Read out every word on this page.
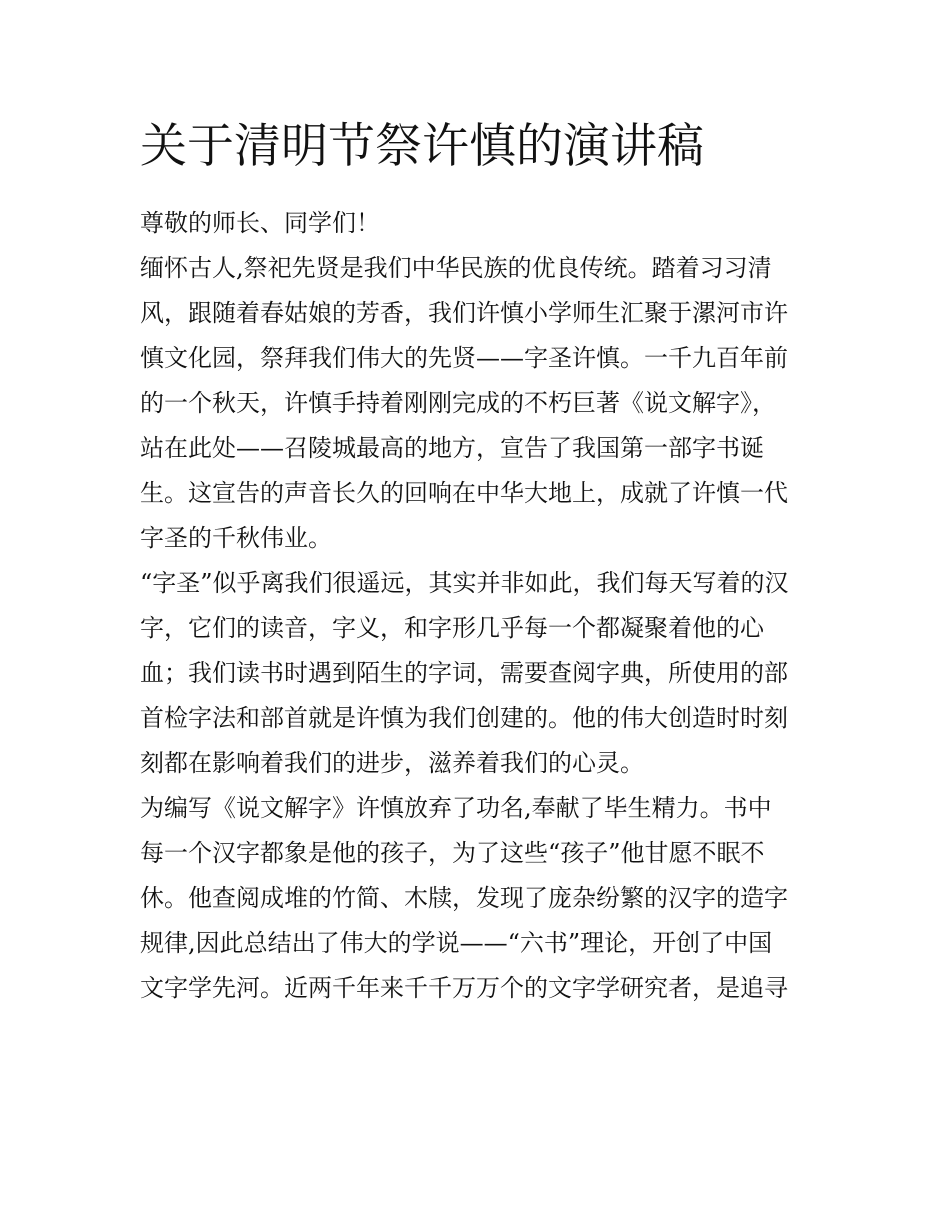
关于清明节祭许慎的演讲稿

尊敬的师长、同学们！

缅怀古人,祭祀先贤是我们中华民族的优良传统。踏着习习清

风，跟随着春姑娘的芳香，我们许慎小学师生汇聚于漯河市许

慎文化园，祭拜我们伟大的先贤——字圣许慎。一千九百年前

的一个秋天，许慎手持着刚刚完成的不朽巨著《说文解字》，

站在此处——召陵城最高的地方，宣告了我国第一部字书诞

生。这宣告的声音长久的回响在中华大地上，成就了许慎一代

字圣的千秋伟业。

“字圣”似乎离我们很遥远，其实并非如此，我们每天写着的汉

字，它们的读音，字义，和字形几乎每一个都凝聚着他的心

血；我们读书时遇到陌生的字词，需要查阅字典，所使用的部

首检字法和部首就是许慎为我们创建的。他的伟大创造时时刻

刻都在影响着我们的进步，滋养着我们的心灵。

为编写《说文解字》许慎放弃了功名,奉献了毕生精力。书中

每一个汉字都象是他的孩子，为了这些“孩子”他甘愿不眠不

休。他查阅成堆的竹简、木牍，发现了庞杂纷繁的汉字的造字

规律,因此总结出了伟大的学说——“六书”理论，开创了中国

文字学先河。近两千年来千千万万个的文字学研究者，是追寻
